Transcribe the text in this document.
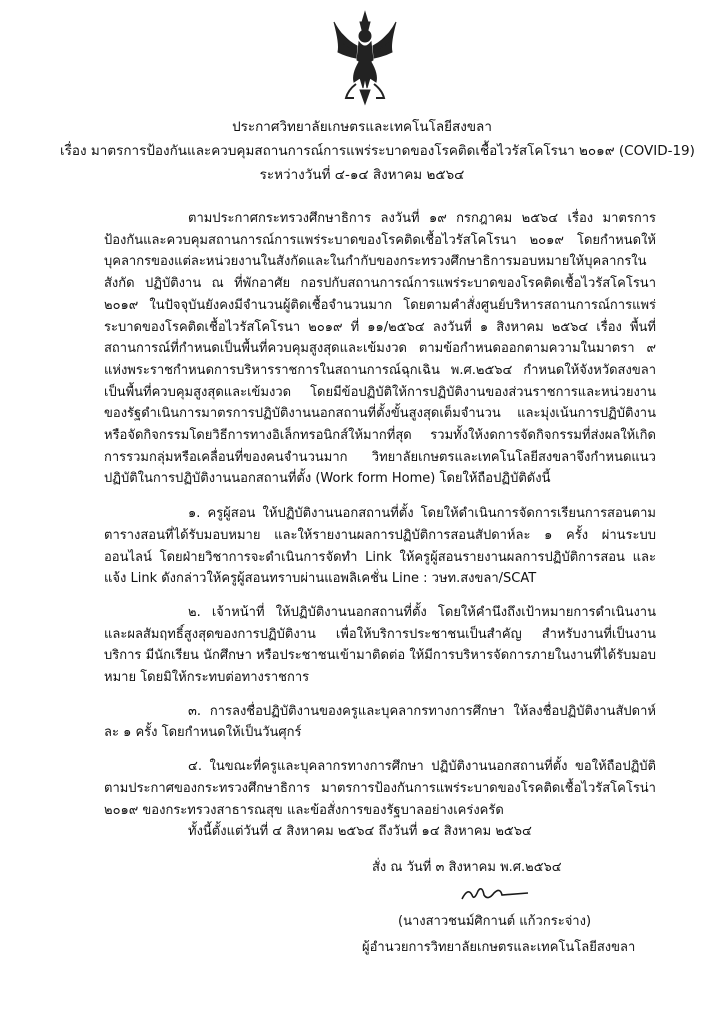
ประกาศวิทยาลัยเกษตรและเทคโนโลยีสงขลา
เรื่อง มาตรการป้องกันและควบคุมสถานการณ์การแพร่ระบาดของโรคติดเชื้อไวรัสโคโรนา ๒๐๑๙ (COVID-19)
ระหว่างวันที่ ๔-๑๔ สิงหาคม ๒๕๖๔

ตามประกาศกระทรวงศึกษาธิการ ลงวันที่ ๑๙ กรกฎาคม ๒๕๖๔ เรื่อง มาตรการป้องกันและควบคุมสถานการณ์การแพร่ระบาดของโรคติดเชื้อไวรัสโคโรนา ๒๐๑๙ โดยกำหนดให้บุคลากรของแต่ละหน่วยงานในสังกัดและในกำกับของกระทรวงศึกษาธิการมอบหมายให้บุคลากรในสังกัด ปฏิบัติงาน ณ ที่พักอาศัย กอรปกับสถานการณ์การแพร่ระบาดของโรคติดเชื้อไวรัสโคโรนา ๒๐๑๙ ในปัจจุบันยังคงมีจำนวนผู้ติดเชื้อจำนวนมาก โดยตามคำสั่งศูนย์บริหารสถานการณ์การแพร่ระบาดของโรคติดเชื้อไวรัสโคโรนา ๒๐๑๙ ที่ ๑๑/๒๕๖๔ ลงวันที่ ๑ สิงหาคม ๒๕๖๔ เรื่อง พื้นที่สถานการณ์ที่กำหนดเป็นพื้นที่ควบคุมสูงสุดและเข้มงวด ตามข้อกำหนดออกตามความในมาตรา ๙ แห่งพระราชกำหนดการบริหารราชการในสถานการณ์ฉุกเฉิน พ.ศ.๒๕๖๔ กำหนดให้จังหวัดสงขลาเป็นพื้นที่ควบคุมสูงสุดและเข้มงวด โดยมีข้อปฏิบัติให้การปฏิบัติงานของส่วนราชการและหน่วยงานของรัฐดำเนินการมาตรการปฏิบัติงานนอกสถานที่ตั้งขั้นสูงสุดเต็มจำนวน และมุ่งเน้นการปฏิบัติงานหรือจัดกิจกรรมโดยวิธีการทางอิเล็กทรอนิกส์ให้มากที่สุด รวมทั้งให้งดการจัดกิจกรรมที่ส่งผลให้เกิดการรวมกลุ่มหรือเคลื่อนที่ของคนจำนวนมาก วิทยาลัยเกษตรและเทคโนโลยีสงขลาจึงกำหนดแนวปฏิบัติในการปฏิบัติงานนอกสถานที่ตั้ง (Work form Home) โดยให้ถือปฏิบัติดังนี้

๑. ครูผู้สอน ให้ปฏิบัติงานนอกสถานที่ตั้ง โดยให้ดำเนินการจัดการเรียนการสอนตามตารางสอนที่ได้รับมอบหมาย และให้รายงานผลการปฏิบัติการสอนสัปดาห์ละ ๑ ครั้ง ผ่านระบบออนไลน์ โดยฝ่ายวิชาการจะดำเนินการจัดทำ Link ให้ครูผู้สอนรายงานผลการปฏิบัติการสอน และแจ้ง Link ดังกล่าวให้ครูผู้สอนทราบผ่านแอพลิเคชั่น Line : วษท.สงขลา/SCAT

๒. เจ้าหน้าที่ ให้ปฏิบัติงานนอกสถานที่ตั้ง โดยให้คำนึงถึงเป้าหมายการดำเนินงานและผลสัมฤทธิ์สูงสุดของการปฏิบัติงาน เพื่อให้บริการประชาชนเป็นสำคัญ สำหรับงานที่เป็นงานบริการ มีนักเรียน นักศึกษา หรือประชาชนเข้ามาติดต่อ ให้มีการบริหารจัดการภายในงานที่ได้รับมอบหมาย โดยมิให้กระทบต่อทางราชการ

๓. การลงชื่อปฏิบัติงานของครูและบุคลากรทางการศึกษา ให้ลงชื่อปฏิบัติงานสัปดาห์ละ ๑ ครั้ง โดยกำหนดให้เป็นวันศุกร์

๔. ในขณะที่ครูและบุคลากรทางการศึกษา ปฏิบัติงานนอกสถานที่ตั้ง ขอให้ถือปฏิบัติตามประกาศของกระทรวงศึกษาธิการ มาตรการป้องกันการแพร่ระบาดของโรคติดเชื้อไวรัสโคโรน่า ๒๐๑๙ ของกระทรวงสาธารณสุข และข้อสั่งการของรัฐบาลอย่างเคร่งครัด

ทั้งนี้ตั้งแต่วันที่ ๔ สิงหาคม ๒๕๖๔ ถึงวันที่ ๑๔ สิงหาคม ๒๕๖๔

สั่ง ณ วันที่ ๓ สิงหาคม พ.ศ.๒๕๖๔
(นางสาวชนม์ศิกานต์ แก้วกระจ่าง)
ผู้อำนวยการวิทยาลัยเกษตรและเทคโนโลยีสงขลา
